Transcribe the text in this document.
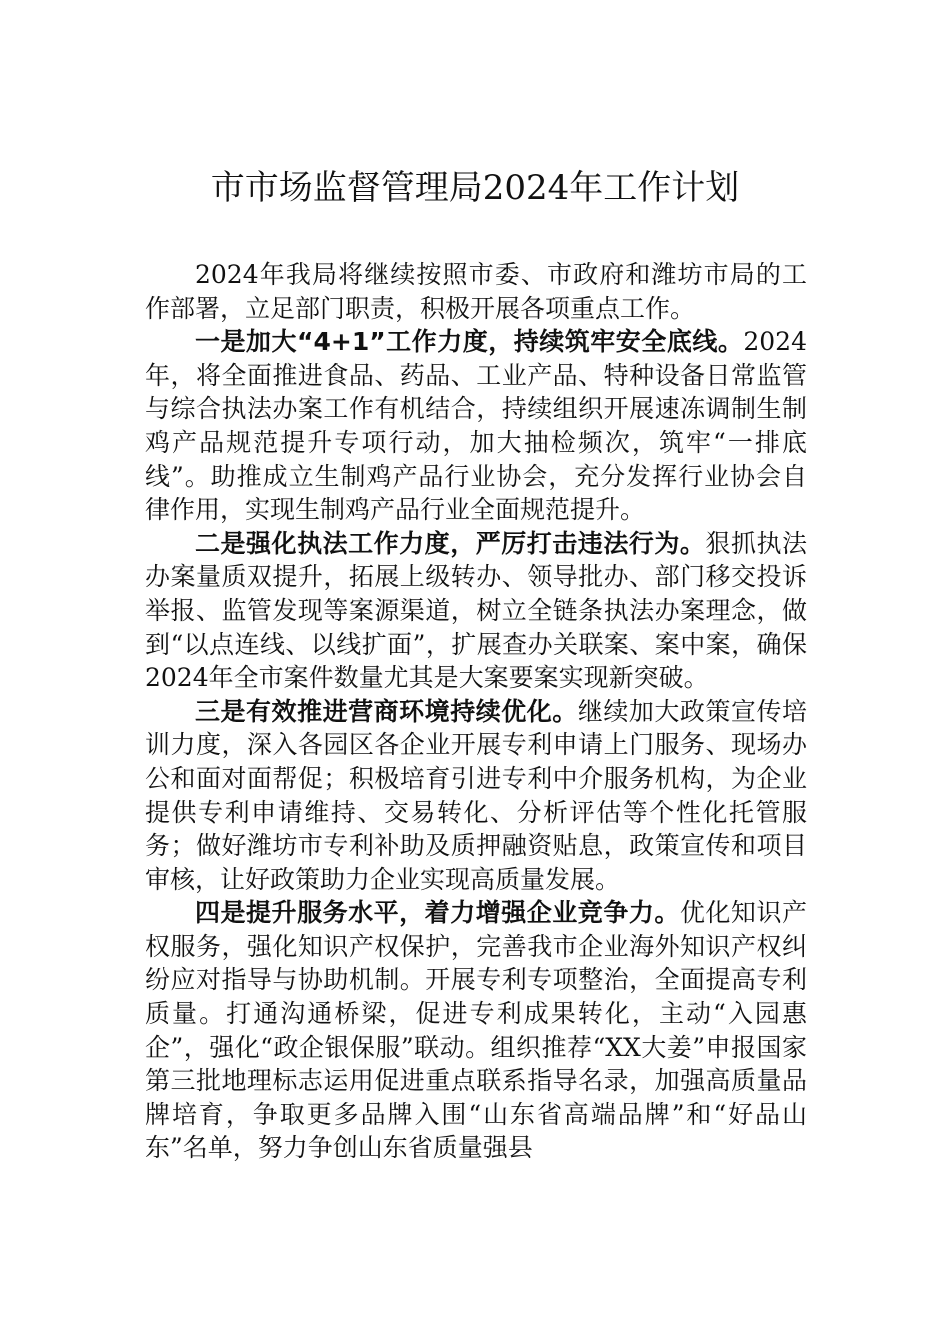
市市场监督管理局2024年工作计划

2024年我局将继续按照市委、市政府和潍坊市局的工作部署，立足部门职责，积极开展各项重点工作。

一是加大“4+1”工作力度，持续筑牢安全底线。2024年，将全面推进食品、药品、工业产品、特种设备日常监管与综合执法办案工作有机结合，持续组织开展速冻调制生制鸡产品规范提升专项行动，加大抽检频次，筑牢“一排底线”。助推成立生制鸡产品行业协会，充分发挥行业协会自律作用，实现生制鸡产品行业全面规范提升。

二是强化执法工作力度，严厉打击违法行为。狠抓执法办案量质双提升，拓展上级转办、领导批办、部门移交投诉举报、监管发现等案源渠道，树立全链条执法办案理念，做到“以点连线、以线扩面”，扩展查办关联案、案中案，确保2024年全市案件数量尤其是大案要案实现新突破。

三是有效推进营商环境持续优化。继续加大政策宣传培训力度，深入各园区各企业开展专利申请上门服务、现场办公和面对面帮促；积极培育引进专利中介服务机构，为企业提供专利申请维持、交易转化、分析评估等个性化托管服务；做好潍坊市专利补助及质押融资贴息，政策宣传和项目审核，让好政策助力企业实现高质量发展。

四是提升服务水平，着力增强企业竞争力。优化知识产权服务，强化知识产权保护，完善我市企业海外知识产权纠纷应对指导与协助机制。开展专利专项整治，全面提高专利质量。打通沟通桥梁，促进专利成果转化，主动“入园惠企”，强化“政企银保服”联动。组织推荐“XX大姜”申报国家第三批地理标志运用促进重点联系指导名录，加强高质量品牌培育，争取更多品牌入围“山东省高端品牌”和“好品山东”名单，努力争创山东省质量强县
